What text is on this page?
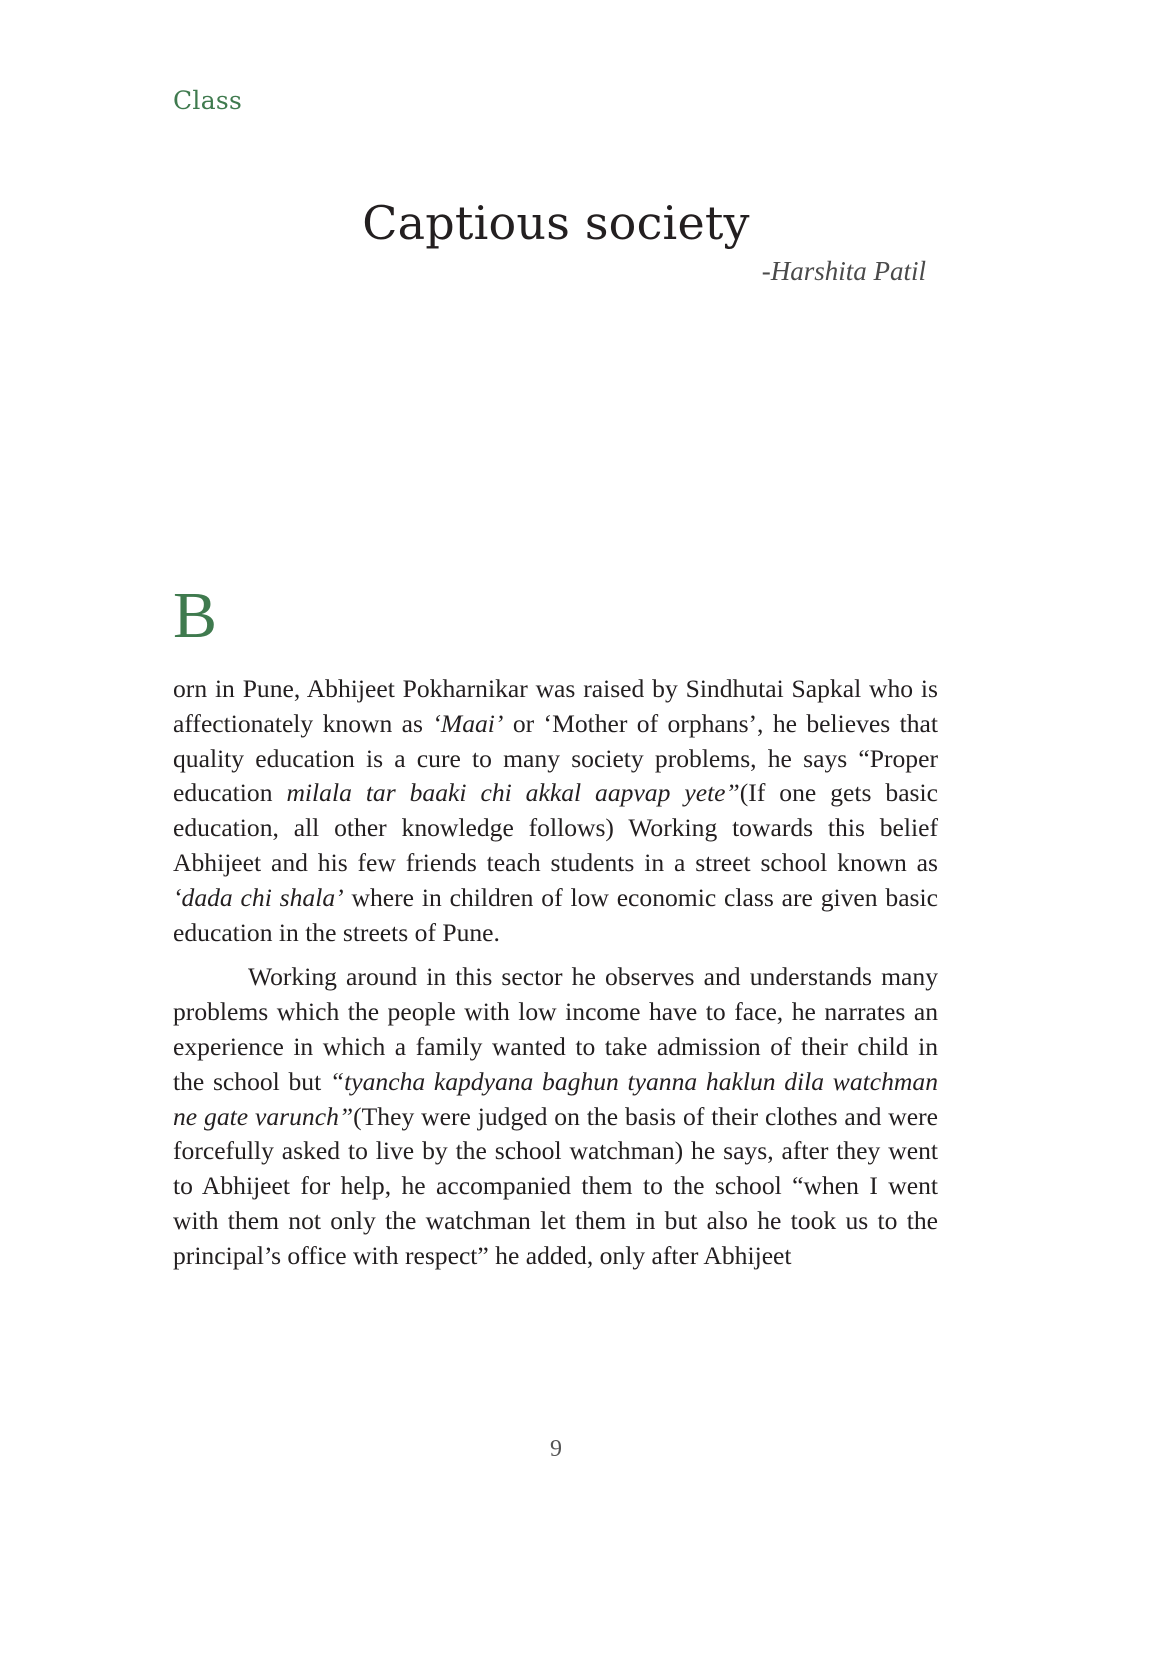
Class
Captious society
-Harshita Patil

B
orn in Pune, Abhijeet Pokharnikar was raised by Sindhutai Sapkal who is affectionately known as ‘Maai’ or ‘Mother of orphans’, he believes that quality education is a cure to many society problems, he says “Proper education milala tar baaki chi akkal aapvap yete”(If one gets basic education, all other knowledge follows) Working towards this belief Abhijeet and his few friends teach students in a street school known as ‘dada chi shala’ where in children of low economic class are given basic education in the streets of Pune.

Working around in this sector he observes and understands many problems which the people with low income have to face, he narrates an experience in which a family wanted to take admission of their child in the school but “tyancha kapdyana baghun tyanna haklun dila watchman ne gate varunch”(They were judged on the basis of their clothes and were forcefully asked to live by the school watchman) he says, after they went to Abhijeet for help, he accompanied them to the school “when I went with them not only the watchman let them in but also he took us to the principal’s office with respect” he added, only after Abhijeet

9
